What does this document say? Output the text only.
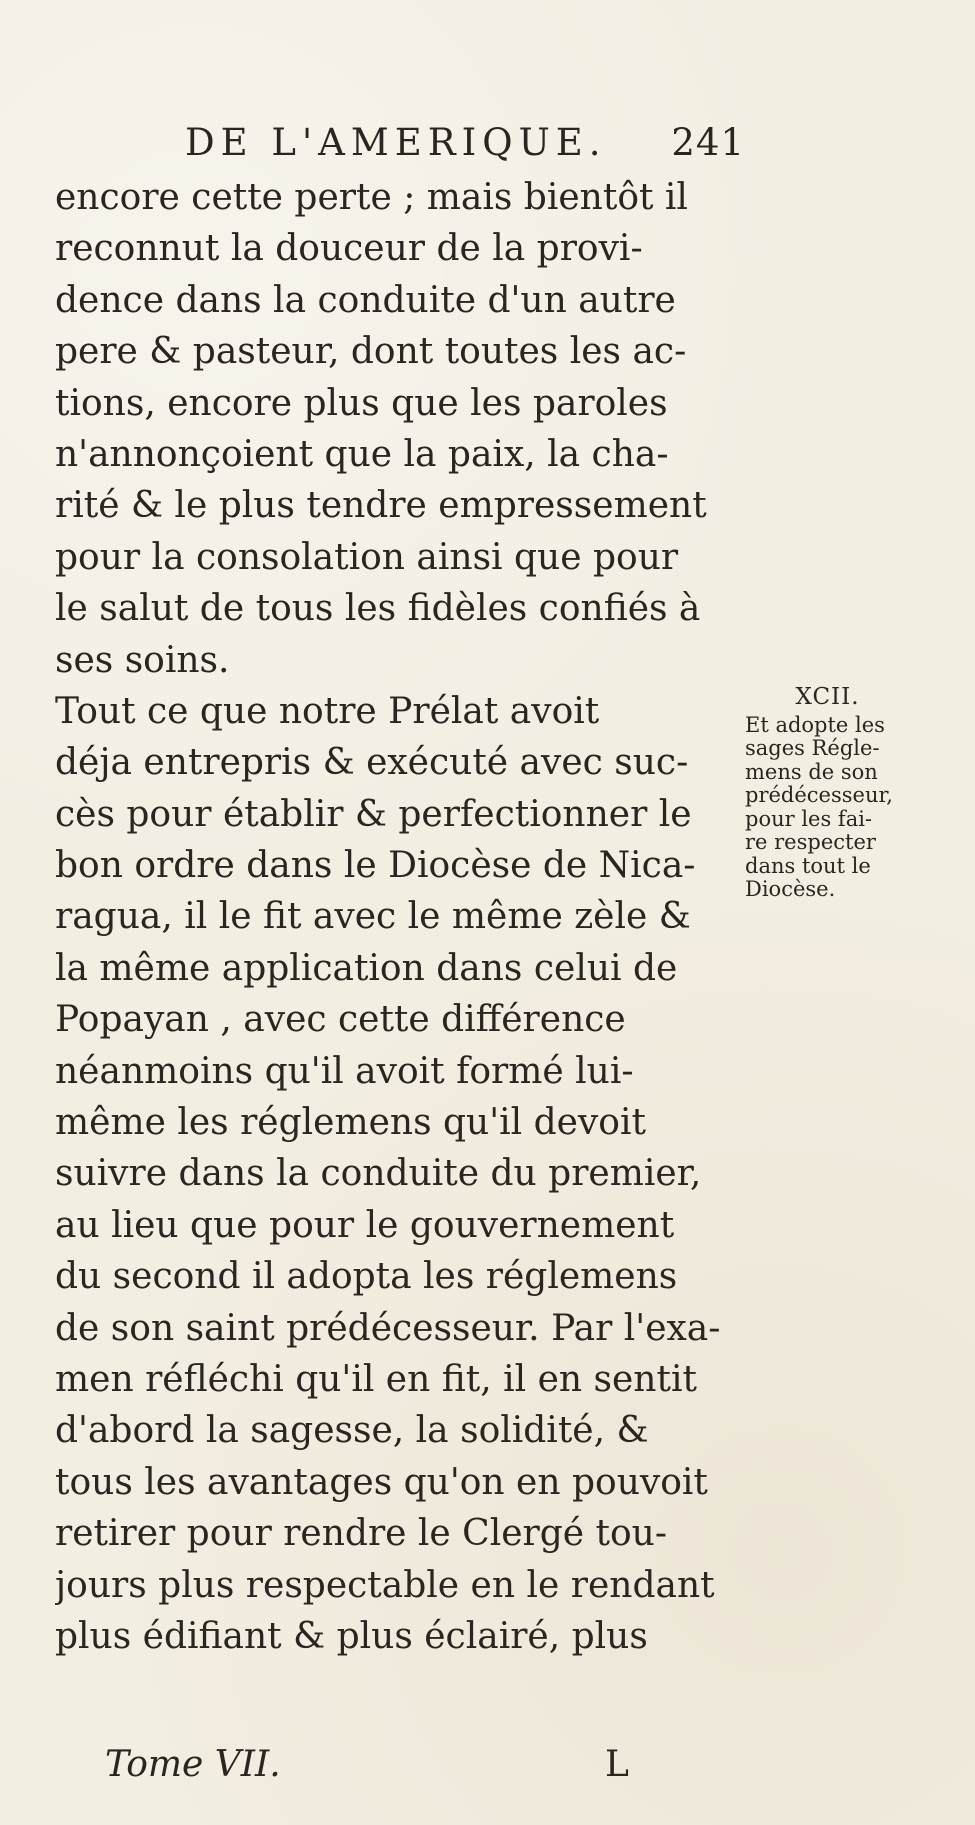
DE L'AMERIQUE. 241
encore cette perte ; mais bientôt il
reconnut la douceur de la provi-
dence dans la conduite d'un autre
pere & pasteur, dont toutes les ac-
tions, encore plus que les paroles
n'annonçoient que la paix, la cha-
rité & le plus tendre empressement
pour la consolation ainsi que pour
le salut de tous les fidèles confiés à
ses soins.
Tout ce que notre Prélat avoit
déja entrepris & exécuté avec suc-
cès pour établir & perfectionner le
bon ordre dans le Diocèse de Nica-
ragua, il le fit avec le même zèle &
la même application dans celui de
Popayan , avec cette différence
néanmoins qu'il avoit formé lui-
même les réglemens qu'il devoit
suivre dans la conduite du premier,
au lieu que pour le gouvernement
du second il adopta les réglemens
de son saint prédécesseur. Par l'exa-
men réfléchi qu'il en fit, il en sentit
d'abord la sagesse, la solidité, &
tous les avantages qu'on en pouvoit
retirer pour rendre le Clergé tou-
jours plus respectable en le rendant
plus édifiant & plus éclairé, plus
XCII.
Et adopte les
sages Régle-
mens de son
prédécesseur,
pour les fai-
re respecter
dans tout le
Diocèse.
Tome VII.	L
